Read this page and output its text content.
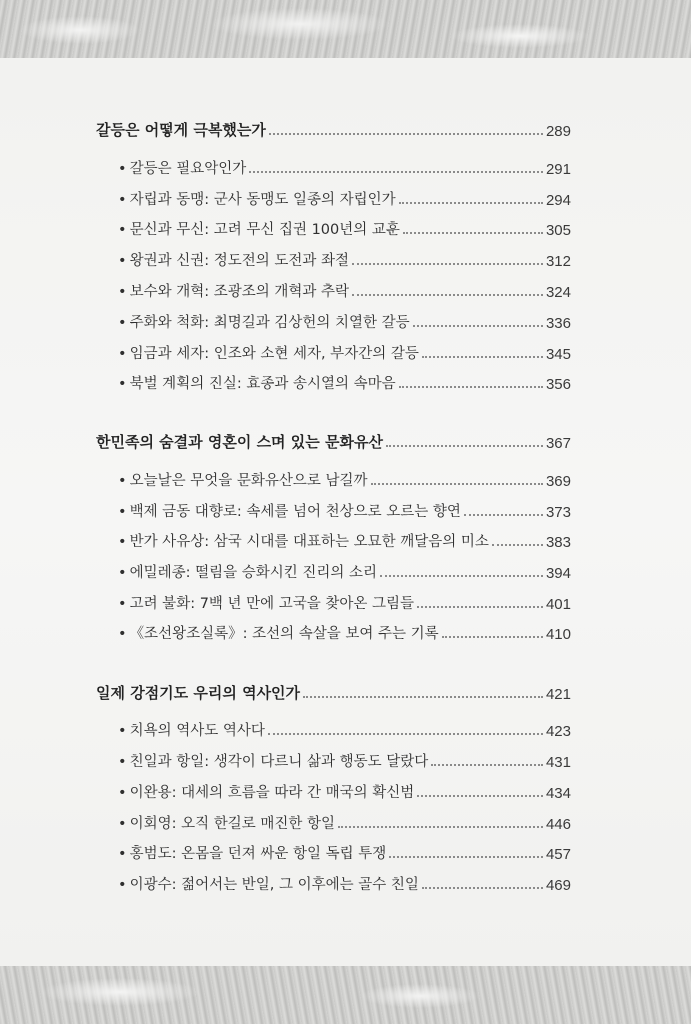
갈등은 어떻게 극복했는가	289
• 갈등은 필요악인가	291
• 자립과 동맹: 군사 동맹도 일종의 자립인가	294
• 문신과 무신: 고려 무신 집권 100년의 교훈	305
• 왕권과 신권: 정도전의 도전과 좌절	312
• 보수와 개혁: 조광조의 개혁과 추락	324
• 주화와 척화: 최명길과 김상헌의 치열한 갈등	336
• 임금과 세자: 인조와 소현 세자, 부자간의 갈등	345
• 북벌 계획의 진실: 효종과 송시열의 속마음	356
한민족의 숨결과 영혼이 스며 있는 문화유산	367
• 오늘날은 무엇을 문화유산으로 남길까	369
• 백제 금동 대향로: 속세를 넘어 천상으로 오르는 향연	373
• 반가 사유상: 삼국 시대를 대표하는 오묘한 깨달음의 미소	383
• 에밀레종: 떨림을 승화시킨 진리의 소리	394
• 고려 불화: 7백 년 만에 고국을 찾아온 그림들	401
• 《조선왕조실록》: 조선의 속살을 보여 주는 기록	410
일제 강점기도 우리의 역사인가	421
• 치욕의 역사도 역사다	423
• 친일과 항일: 생각이 다르니 삶과 행동도 달랐다	431
• 이완용: 대세의 흐름을 따라 간 매국의 확신범	434
• 이회영: 오직 한길로 매진한 항일	446
• 홍범도: 온몸을 던져 싸운 항일 독립 투쟁	457
• 이광수: 젊어서는 반일, 그 이후에는 골수 친일	469
